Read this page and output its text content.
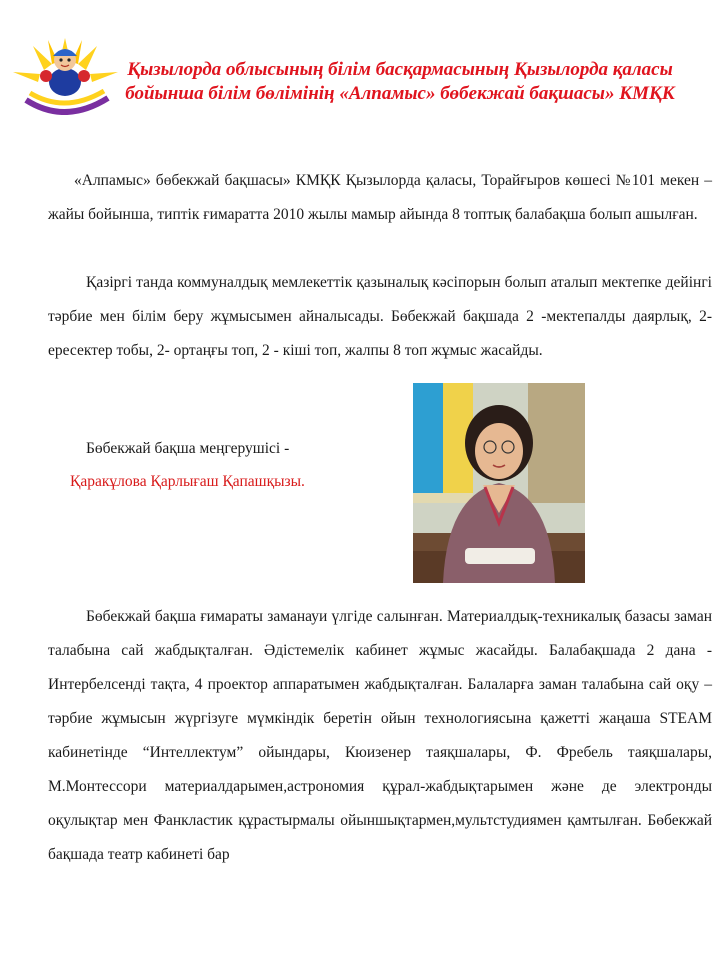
Қызылорда облысының білім басқармасының Қызылорда қаласы бойынша білім бөлімінің «Алпамыс» бөбекжай бақшасы» КМҚК

«Алпамыс» бөбекжай бақшасы» КМҚК Қызылорда қаласы, Торайғыров көшесі №101 мекен –жайы бойынша, типтік ғимаратта 2010 жылы мамыр айында 8 топтық балабақша болып ашылған.

Қазіргі танда коммуналдық мемлекеттік қазыналық кәсіпорын болып аталып мектепке дейінгі тәрбие мен білім беру жұмысымен айналысады. Бөбекжай бақшада 2 -мектепалды даярлық, 2- ересектер тобы, 2- ортаңғы топ, 2 - кіші топ, жалпы 8 топ жұмыс жасайды.

Бөбекжай бақша меңгерушісі -

Қаракұлова Қарлығаш Қапашқызы.

Бөбекжай бақша ғимараты заманауи үлгіде салынған. Материалдық-техникалық базасы заман талабына сай жабдықталған. Әдістемелік кабинет жұмыс жасайды. Балабақшада 2 дана - Интербелсенді тақта, 4 проектор аппаратымен жабдықталған. Балаларға заман талабына сай оқу – тәрбие жұмысын жүргізуге мүмкіндік беретін ойын технологиясына қажетті жаңаша STEAM кабинетінде “Интеллектум” ойындары, Кюизенер таяқшалары, Ф. Фребель таяқшалары, М.Монтессори материалдарымен,астрономия құрал-жабдықтарымен және де электронды оқулықтар мен Фанкластик құрастырмалы ойыншықтармен,мультстудиямен қамтылған. Бөбекжай бақшада театр кабинеті бар
